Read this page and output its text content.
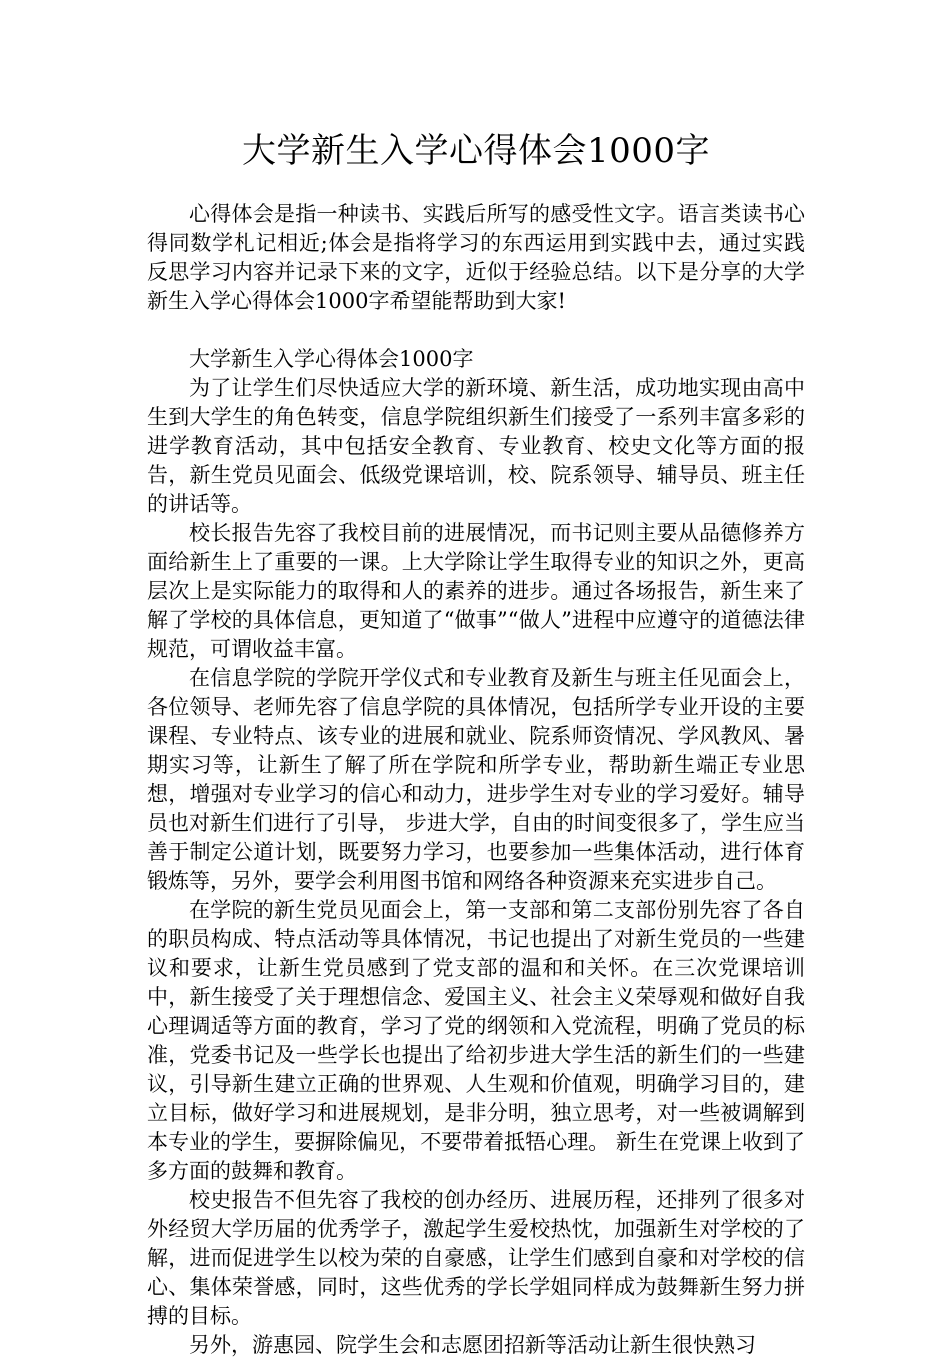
大学新生入学心得体会1000字

心得体会是指一种读书、实践后所写的感受性文字。语言类读书心得同数学札记相近;体会是指将学习的东西运用到实践中去，通过实践反思学习内容并记录下来的文字，近似于经验总结。以下是分享的大学新生入学心得体会1000字希望能帮助到大家!

大学新生入学心得体会1000字

为了让学生们尽快适应大学的新环境、新生活，成功地实现由高中生到大学生的角色转变，信息学院组织新生们接受了一系列丰富多彩的进学教育活动，其中包括安全教育、专业教育、校史文化等方面的报告，新生党员见面会、低级党课培训，校、院系领导、辅导员、班主任的讲话等。

校长报告先容了我校目前的进展情况，而书记则主要从品德修养方面给新生上了重要的一课。上大学除让学生取得专业的知识之外，更高层次上是实际能力的取得和人的素养的进步。通过各场报告，新生来了解了学校的具体信息，更知道了“做事”“做人”进程中应遵守的道德法律规范，可谓收益丰富。

在信息学院的学院开学仪式和专业教育及新生与班主任见面会上，各位领导、老师先容了信息学院的具体情况，包括所学专业开设的主要课程、专业特点、该专业的进展和就业、院系师资情况、学风教风、暑期实习等，让新生了解了所在学院和所学专业，帮助新生端正专业思想，增强对专业学习的信心和动力，进步学生对专业的学习爱好。辅导员也对新生们进行了引导， 步进大学，自由的时间变很多了，学生应当善于制定公道计划，既要努力学习，也要参加一些集体活动，进行体育锻炼等，另外，要学会利用图书馆和网络各种资源来充实进步自己。

在学院的新生党员见面会上，第一支部和第二支部份别先容了各自的职员构成、特点活动等具体情况，书记也提出了对新生党员的一些建议和要求，让新生党员感到了党支部的温和和关怀。在三次党课培训中，新生接受了关于理想信念、爱国主义、社会主义荣辱观和做好自我心理调适等方面的教育，学习了党的纲领和入党流程，明确了党员的标准，党委书记及一些学长也提出了给初步进大学生活的新生们的一些建议，引导新生建立正确的世界观、人生观和价值观，明确学习目的，建立目标，做好学习和进展规划，是非分明，独立思考，对一些被调解到本专业的学生，要摒除偏见，不要带着抵牾心理。 新生在党课上收到了多方面的鼓舞和教育。

校史报告不但先容了我校的创办经历、进展历程，还排列了很多对外经贸大学历届的优秀学子，激起学生爱校热忱，加强新生对学校的了解，进而促进学生以校为荣的自豪感，让学生们感到自豪和对学校的信心、集体荣誉感，同时，这些优秀的学长学姐同样成为鼓舞新生努力拼搏的目标。

另外，游惠园、院学生会和志愿团招新等活动让新生很快熟习
